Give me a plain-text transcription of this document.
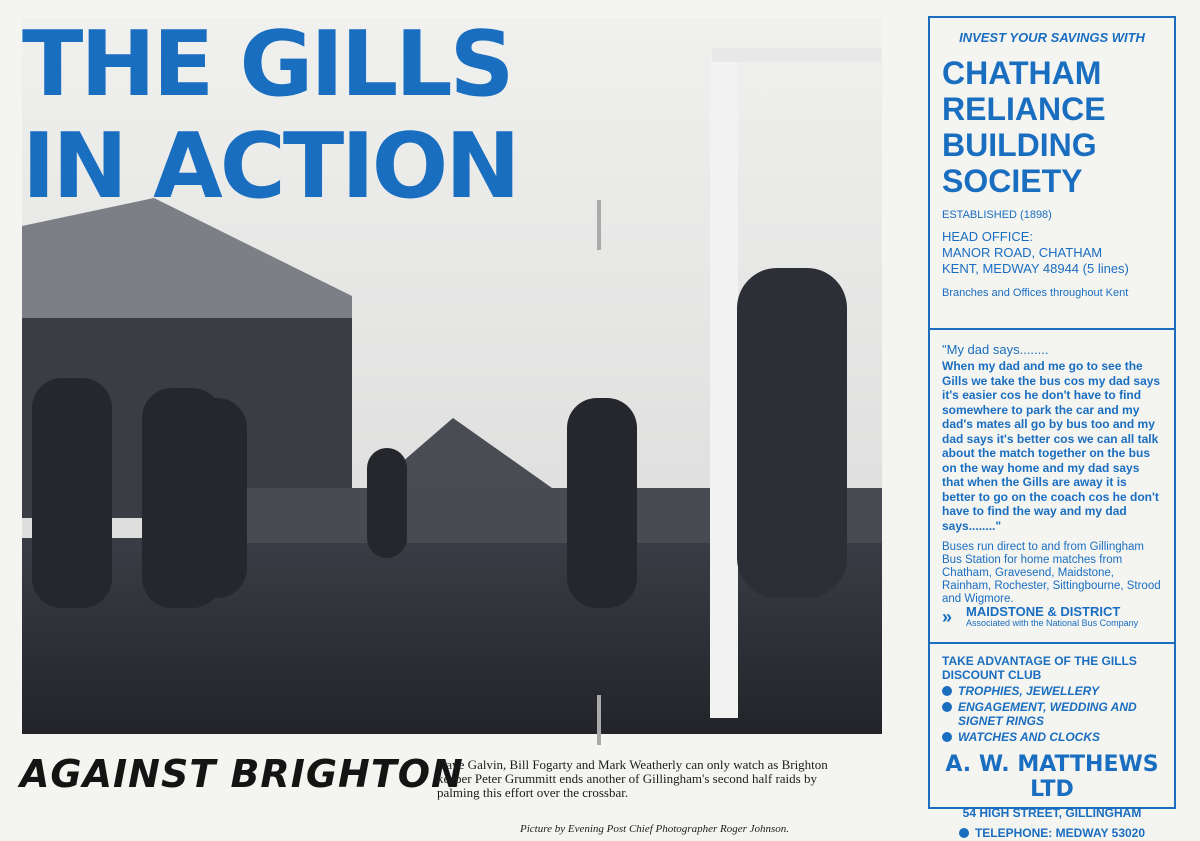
THE GILLS
IN ACTION
AGAINST BRIGHTON

Dave Galvin, Bill Fogarty and Mark Weatherly can only watch as Brighton keeper Peter Grummitt ends another of Gillingham's second half raids by palming this effort over the crossbar.

Picture by Evening Post Chief Photographer Roger Johnson.

INVEST YOUR SAVINGS WITH

CHATHAM
RELIANCE
BUILDING
SOCIETY

ESTABLISHED (1898)

HEAD OFFICE:

MANOR ROAD, CHATHAM

KENT, MEDWAY 48944 (5 lines)

Branches and Offices throughout Kent

"My dad says........

When my dad and me go to see the Gills we take the bus cos my dad says it's easier cos he don't have to find somewhere to park the car and my dad's mates all go by bus too and my dad says it's better cos we can all talk about the match together on the bus on the way home and my dad says that when the Gills are away it is better to go on the coach cos he don't have to find the way and my dad says........"

Buses run direct to and from Gillingham Bus Station for home matches from Chatham, Gravesend, Maidstone, Rainham, Rochester, Sittingbourne, Strood and Wigmore.

»	MAIDSTONE & DISTRICT

Associated with the National Bus Company

TAKE ADVANTAGE OF THE GILLS DISCOUNT CLUB

TROPHIES, JEWELLERY
ENGAGEMENT, WEDDING AND SIGNET RINGS
WATCHES AND CLOCKS

A. W. MATTHEWS LTD

54 HIGH STREET, GILLINGHAM

TELEPHONE: MEDWAY 53020
